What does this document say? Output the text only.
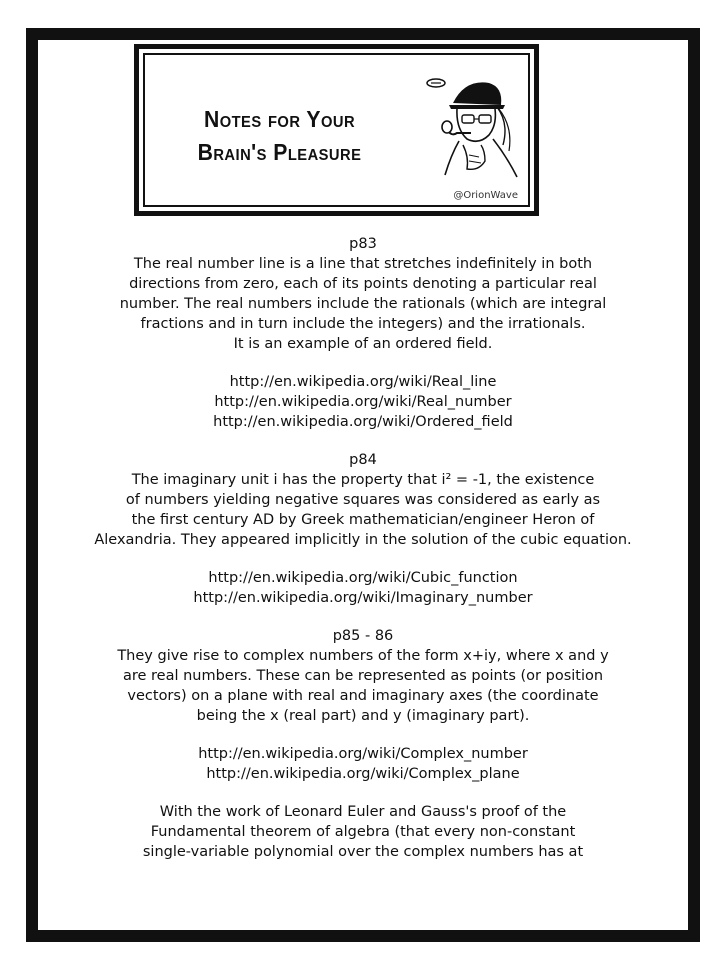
Notes for Your
Brain's Pleasure
@OrionWave

p83

The real number line is a line that stretches indefinitely in both
directions from zero, each of its points denoting a particular real
number. The real numbers include the rationals (which are integral
fractions and in turn include the integers) and the irrationals.
It is an example of an ordered field.

http://en.wikipedia.org/wiki/Real_line
http://en.wikipedia.org/wiki/Real_number
http://en.wikipedia.org/wiki/Ordered_field

p84

The imaginary unit i has the property that i² = -1, the existence
of numbers yielding negative squares was considered as early as
the first century AD by Greek mathematician/engineer Heron of
Alexandria. They appeared implicitly in the solution of the cubic equation.

http://en.wikipedia.org/wiki/Cubic_function
http://en.wikipedia.org/wiki/Imaginary_number

p85 - 86

They give rise to complex numbers of the form x+iy, where x and y
are real numbers. These can be represented as points (or position
vectors) on a plane with real and imaginary axes (the coordinate
being the x (real part) and y (imaginary part).

http://en.wikipedia.org/wiki/Complex_number
http://en.wikipedia.org/wiki/Complex_plane

With the work of Leonard Euler and Gauss's proof of the
Fundamental theorem of algebra (that every non-constant
single-variable polynomial over the complex numbers has at
